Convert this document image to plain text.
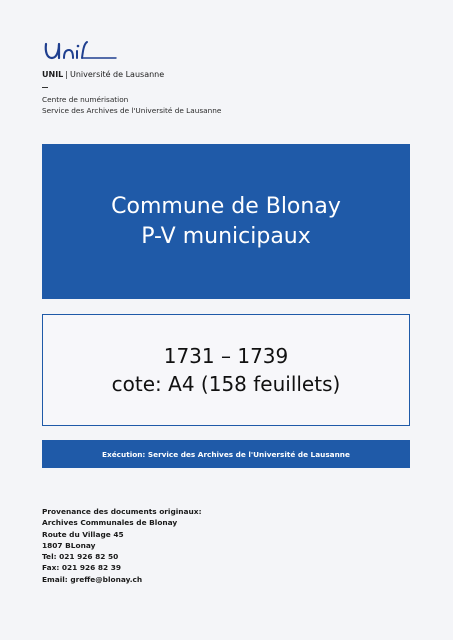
UNIL | Université de Lausanne
Centre de numérisation
Service des Archives de l'Université de Lausanne
Commune de Blonay
P-V municipaux
1731 – 1739
cote: A4 (158 feuillets)
Exécution: Service des Archives de l'Université de Lausanne
Provenance des documents originaux:
Archives Communales de Blonay
Route du Village 45
1807 BLonay
Tel: 021 926 82 50
Fax: 021 926 82 39
Email: greffe@blonay.ch
